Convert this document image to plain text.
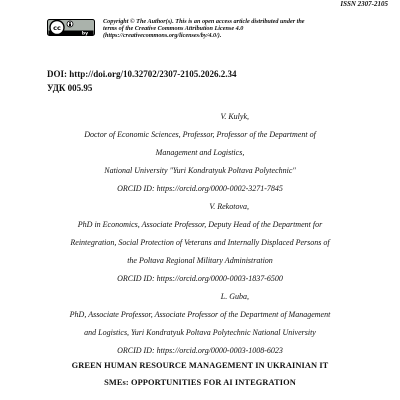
ISSN 2307-2105
cc
by
Copyright © The Author(s). This is an open access article distributed under the
terms of the Creative Commons Attribution License 4.0
(https://creativecommons.org/licenses/by/4.0/).
DOI: http://doi.org/10.32702/2307-2105.2026.2.34
УДК 005.95
V. Kulyk,
Doctor of Economic Sciences, Professor, Professor of the Department of
Management and Logistics,
National University "Yuri Kondratyuk Poltava Polytechnic"
ORCID ID: https://orcid.org/0000-0002-3271-7845
V. Rekotova,
PhD in Economics, Associate Professor, Deputy Head of the Department for
Reintegration, Social Protection of Veterans and Internally Displaced Persons of
the Poltava Regional Military Administration
ORCID ID: https://orcid.org/0000-0003-1837-6500
L. Guba,
PhD, Associate Professor, Associate Professor of the Department of Management
and Logistics, Yuri Kondratyuk Poltava Polytechnic National University
ORCID ID: https://orcid.org/0000-0003-1008-6023
GREEN HUMAN RESOURCE MANAGEMENT IN UKRAINIAN IT
SMEs: OPPORTUNITIES FOR AI INTEGRATION
